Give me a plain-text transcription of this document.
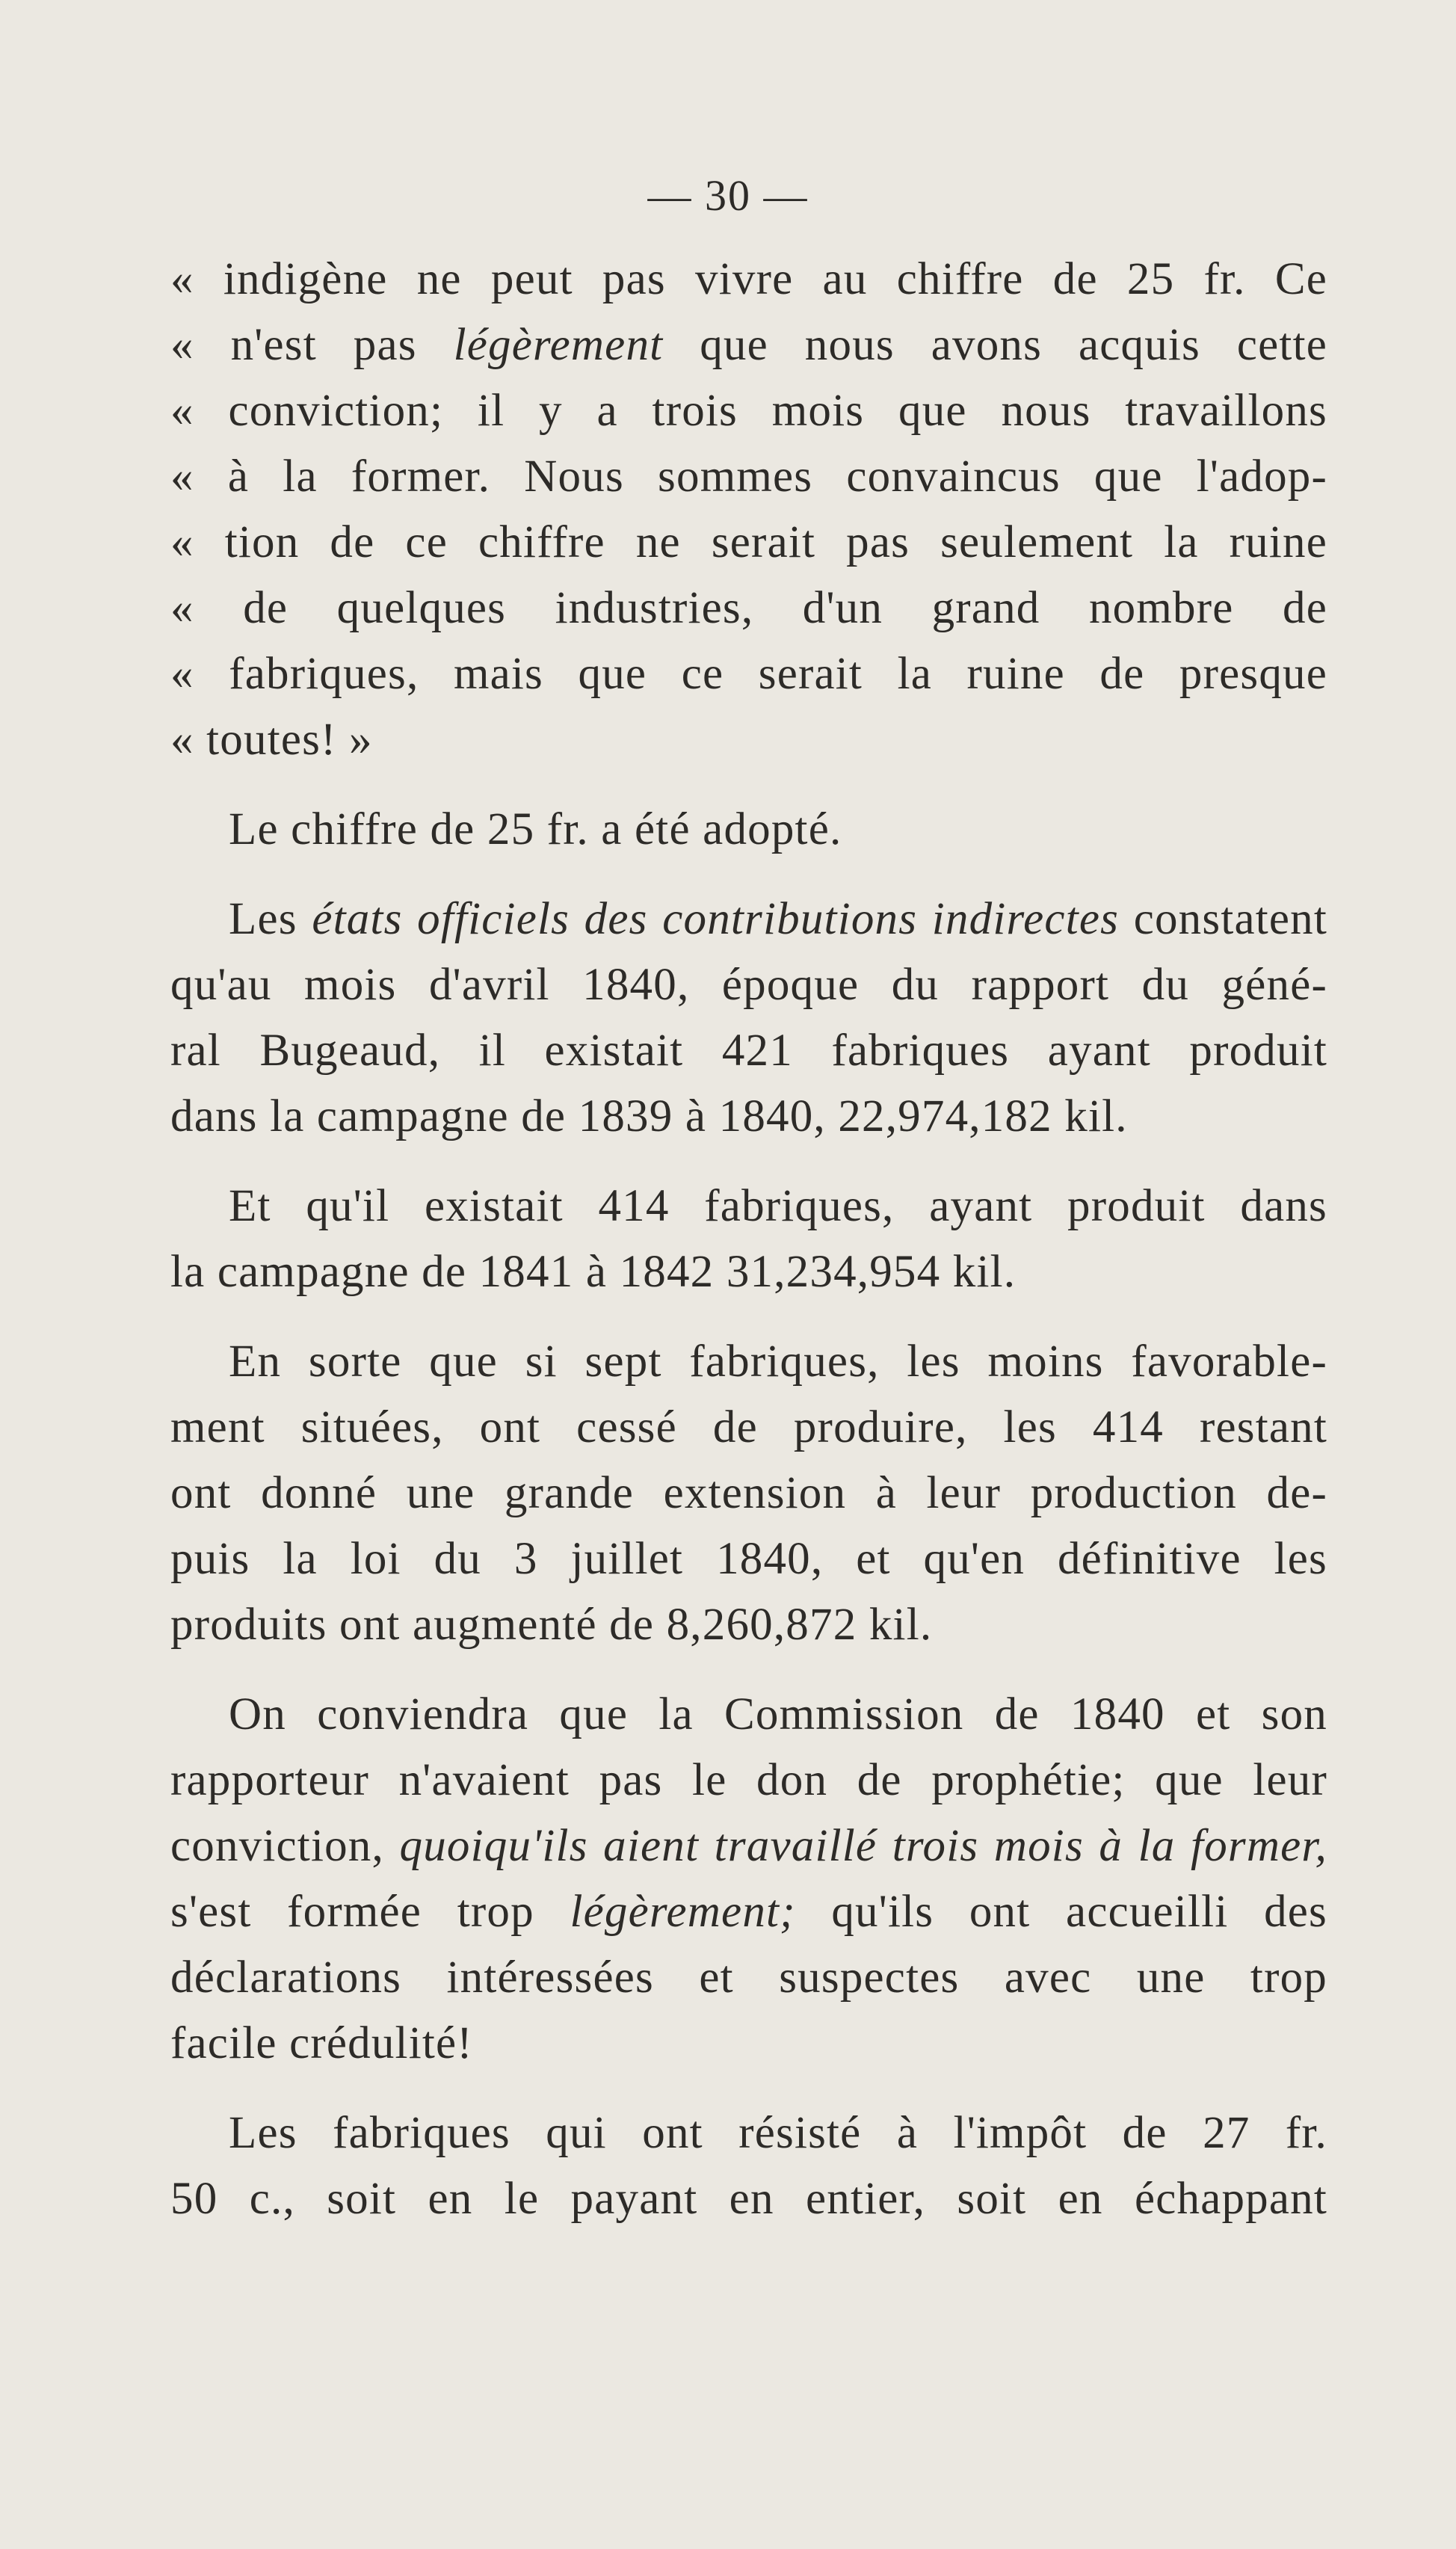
— 30 —
« indigène ne peut pas vivre au chiffre de 25 fr. Ce
« n'est pas légèrement que nous avons acquis cette
« conviction; il y a trois mois que nous travaillons
« à la former. Nous sommes convaincus que l'adop-
« tion de ce chiffre ne serait pas seulement la ruine
« de quelques industries, d'un grand nombre de
« fabriques, mais que ce serait la ruine de presque
« toutes! »
Le chiffre de 25 fr. a été adopté.
Les états officiels des contributions indirectes constatent
qu'au mois d'avril 1840, époque du rapport du géné-
ral Bugeaud, il existait 421 fabriques ayant produit
dans la campagne de 1839 à 1840, 22,974,182 kil.
Et qu'il existait 414 fabriques, ayant produit dans
la campagne de 1841 à 1842 31,234,954 kil.
En sorte que si sept fabriques, les moins favorable-
ment situées, ont cessé de produire, les 414 restant
ont donné une grande extension à leur production de-
puis la loi du 3 juillet 1840, et qu'en définitive les
produits ont augmenté de 8,260,872 kil.
On conviendra que la Commission de 1840 et son
rapporteur n'avaient pas le don de prophétie; que leur
conviction, quoiqu'ils aient travaillé trois mois à la former,
s'est formée trop légèrement; qu'ils ont accueilli des
déclarations intéressées et suspectes avec une trop
facile crédulité!
Les fabriques qui ont résisté à l'impôt de 27 fr.
50 c., soit en le payant en entier, soit en échappant
